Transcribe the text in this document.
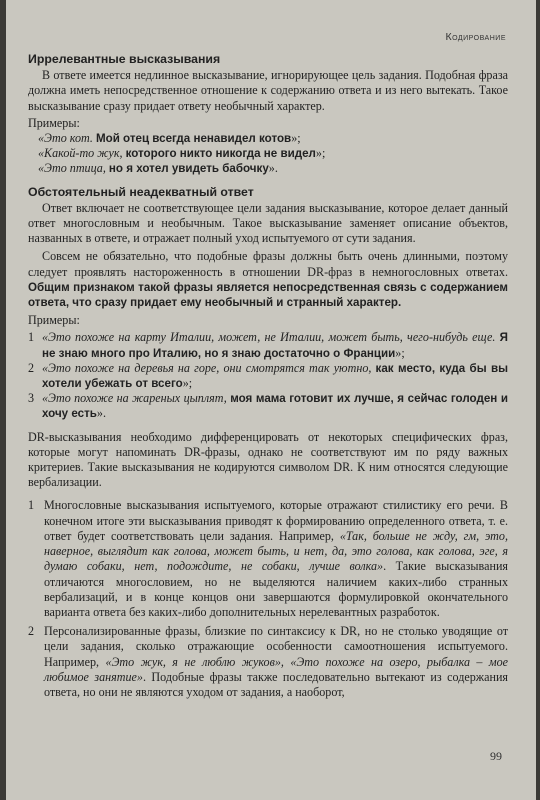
Кодирование
Иррелевантные высказывания

В ответе имеется недлинное высказывание, игнорирующее цель задания. Подобная фраза должна иметь непосредственное отношение к содержанию ответа и из него вытекать. Такое высказывание сразу придает ответу необычный характер.

Примеры:

«Это кот. Мой отец всегда ненавидел котов»;

«Какой-то жук, которого никто никогда не видел»;

«Это птица, но я хотел увидеть бабочку».

Обстоятельный неадекватный ответ

Ответ включает не соответствующее цели задания высказывание, которое делает данный ответ многословным и необычным. Такое высказывание заменяет описание объектов, названных в ответе, и отражает полный уход испытуемого от сути задания.

Совсем не обязательно, что подобные фразы должны быть очень длинными, поэтому следует проявлять настороженность в отношении DR-фраз в немногословных ответах. Общим признаком такой фразы является непосредственная связь с содержанием ответа, что сразу придает ему необычный и странный характер.

Примеры:

1 «Это похоже на карту Италии, может, не Италии, может быть, чего-нибудь еще. Я не знаю много про Италию, но я знаю достаточно о Франции»;
2 «Это похоже на деревья на горе, они смотрятся так уютно, как место, куда бы вы хотели убежать от всего»;
3 «Это похоже на жареных цыплят, моя мама готовит их лучше, я сейчас голоден и хочу есть».

DR-высказывания необходимо дифференцировать от некоторых специфических фраз, которые могут напоминать DR-фразы, однако не соответствуют им по ряду важных критериев. Такие высказывания не кодируются символом DR. К ним относятся следующие вербализации.

1 Многословные высказывания испытуемого, которые отражают стилистику его речи. В конечном итоге эти высказывания приводят к формированию определенного ответа, т. е. ответ будет соответствовать цели задания. Например, «Так, больше не жду, гм, это, наверное, выглядит как голова, может быть, и нет, да, это голова, как голова, эге, я думаю собаки, нет, подождите, не собаки, лучше волка». Такие высказывания отличаются многословием, но не выделяются наличием каких-либо странных вербализаций, и в конце концов они завершаются формулировкой окончательного варианта ответа без каких-либо дополнительных нерелевантных разработок.
2 Персонализированные фразы, близкие по синтаксису к DR, но не столько уводящие от цели задания, сколько отражающие особенности самоотношения испытуемого. Например, «Это жук, я не люблю жуков», «Это похоже на озеро, рыбалка – мое любимое занятие». Подобные фразы также последовательно вытекают из содержания ответа, но они не являются уходом от задания, а наоборот,
99
